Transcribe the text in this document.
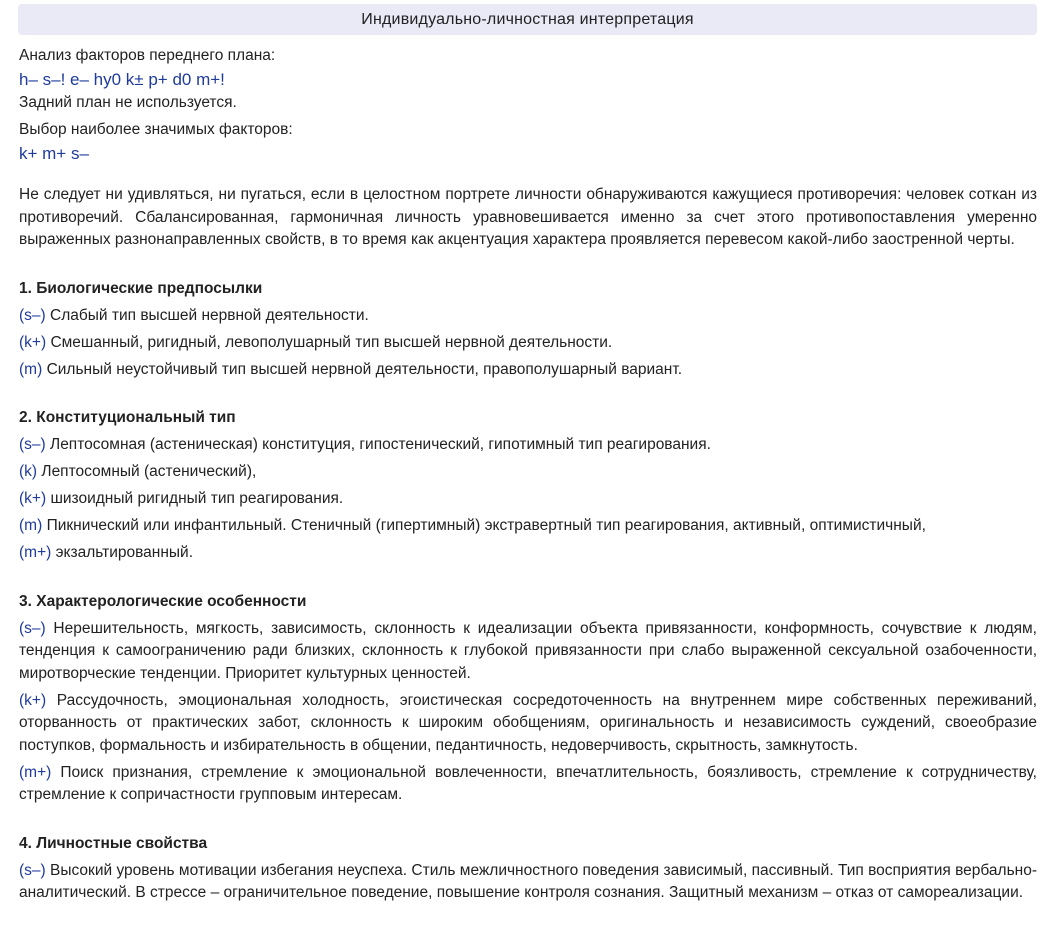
Индивидуально-личностная интерпретация
Анализ факторов переднего плана:
h– s–! e– hy0 k± p+ d0 m+!
Задний план не используется.
Выбор наиболее значимых факторов:
k+ m+ s–
Не следует ни удивляться, ни пугаться, если в целостном портрете личности обнаруживаются кажущиеся противоречия: человек соткан из противоречий. Сбалансированная, гармоничная личность уравновешивается именно за счет этого противопоставления умеренно выраженных разнонаправленных свойств, в то время как акцентуация характера проявляется перевесом какой-либо заостренной черты.
1. Биологические предпосылки
(s–) Слабый тип высшей нервной деятельности.
(k+) Смешанный, ригидный, левополушарный тип высшей нервной деятельности.
(m) Сильный неустойчивый тип высшей нервной деятельности, правополушарный вариант.
2. Конституциональный тип
(s–) Лептосомная (астеническая) конституция, гипостенический, гипотимный тип реагирования.
(k) Лептосомный (астенический),
(k+) шизоидный ригидный тип реагирования.
(m) Пикнический или инфантильный. Стеничный (гипертимный) экстравертный тип реагирования, активный, оптимистичный,
(m+) экзальтированный.
3. Характерологические особенности
(s–) Нерешительность, мягкость, зависимость, склонность к идеализации объекта привязанности, конформность, сочувствие к людям, тенденция к самоограничению ради близких, склонность к глубокой привязанности при слабо выраженной сексуальной озабоченности, миротворческие тенденции. Приоритет культурных ценностей.
(k+) Рассудочность, эмоциональная холодность, эгоистическая сосредоточенность на внутреннем мире собственных переживаний, оторванность от практических забот, склонность к широким обобщениям, оригинальность и независимость суждений, своеобразие поступков, формальность и избирательность в общении, педантичность, недоверчивость, скрытность, замкнутость.
(m+) Поиск признания, стремление к эмоциональной вовлеченности, впечатлительность, боязливость, стремление к сотрудничеству, стремление к сопричастности групповым интересам.
4. Личностные свойства
(s–) Высокий уровень мотивации избегания неуспеха. Стиль межличностного поведения зависимый, пассивный. Тип восприятия вербально-аналитический. В стрессе – ограничительное поведение, повышение контроля сознания. Защитный механизм – отказ от самореализации.
